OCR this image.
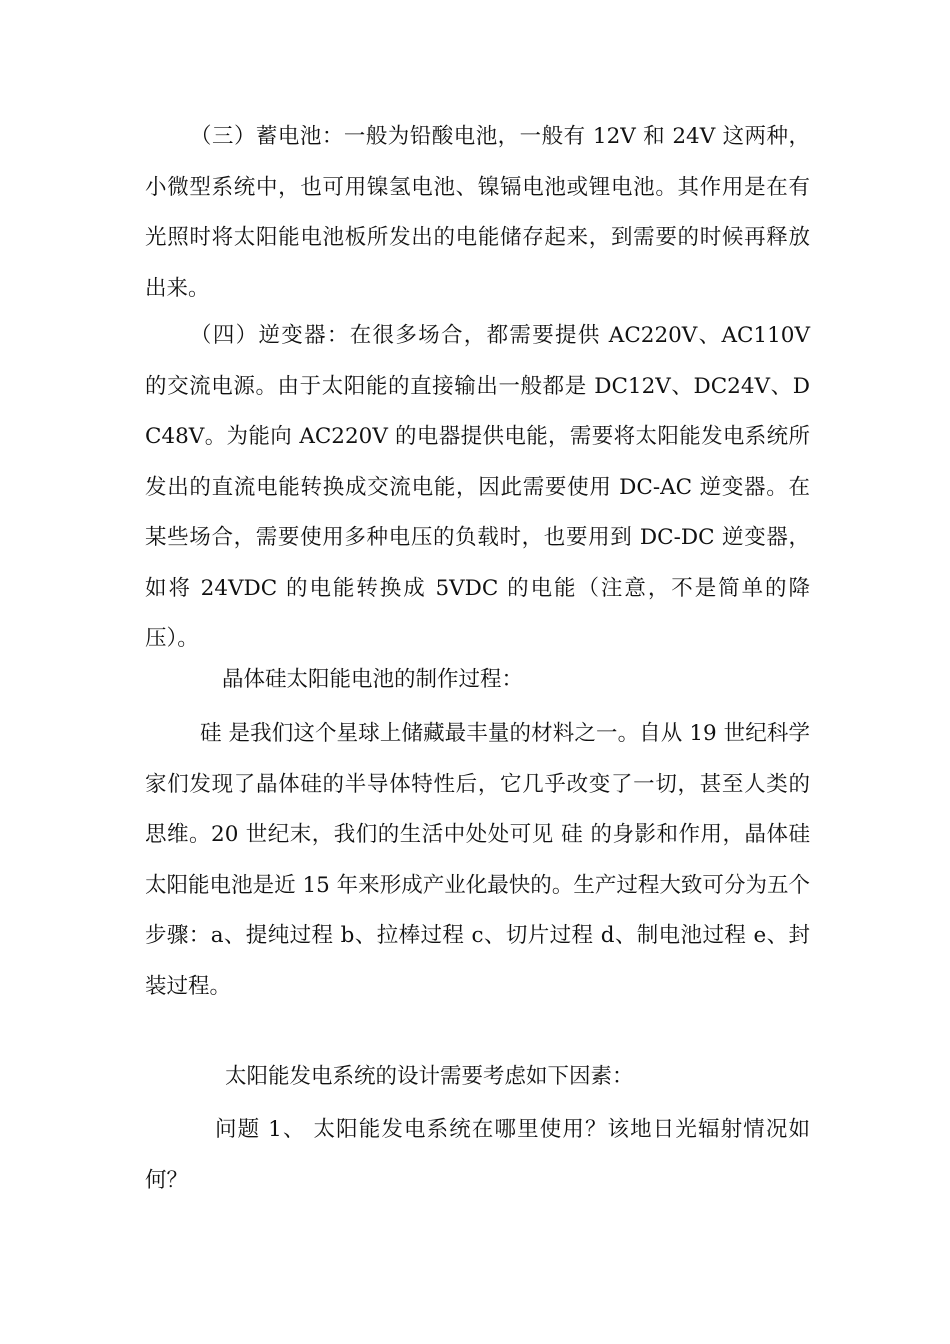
（三）蓄电池：一般为铅酸电池，一般有 12V 和 24V 这两种，小微型系统中，也可用镍氢电池、镍镉电池或锂电池。其作用是在有光照时将太阳能电池板所发出的电能储存起来，到需要的时候再释放出来。

（四）逆变器：在很多场合，都需要提供 AC220V、AC110V 的交流电源。由于太阳能的直接输出一般都是 DC12V、DC24V、DC48V。为能向 AC220V 的电器提供电能，需要将太阳能发电系统所发出的直流电能转换成交流电能，因此需要使用 DC-AC 逆变器。在某些场合，需要使用多种电压的负载时，也要用到 DC-DC 逆变器，如将 24VDC 的电能转换成 5VDC 的电能（注意，不是简单的降压）。

晶体硅太阳能电池的制作过程：

硅 是我们这个星球上储藏最丰量的材料之一。自从 19 世纪科学家们发现了晶体硅的半导体特性后，它几乎改变了一切，甚至人类的思维。20 世纪末，我们的生活中处处可见 硅 的身影和作用，晶体硅太阳能电池是近 15 年来形成产业化最快的。生产过程大致可分为五个步骤：a、提纯过程 b、拉棒过程 c、切片过程 d、制电池过程 e、封装过程。

太阳能发电系统的设计需要考虑如下因素：

问题 1、 太阳能发电系统在哪里使用？该地日光辐射情况如何？
